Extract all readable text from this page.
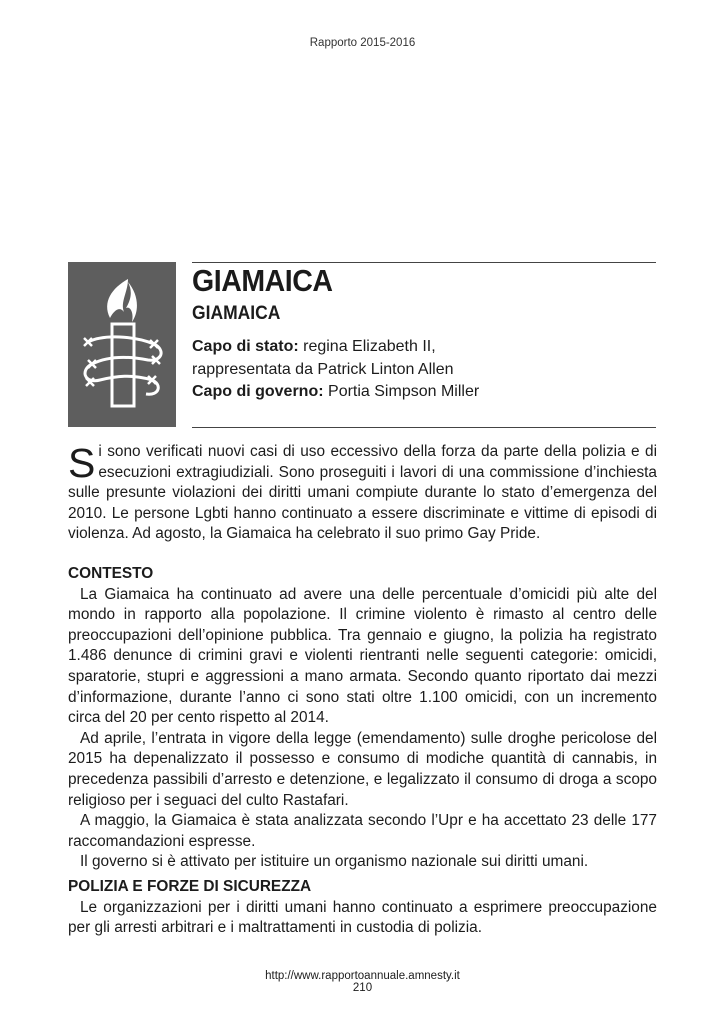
Rapporto 2015-2016
GIAMAICA
GIAMAICA
Capo di stato: regina Elizabeth II,
rappresentata da Patrick Linton Allen
Capo di governo: Portia Simpson Miller
Si sono verificati nuovi casi di uso eccessivo della forza da parte della polizia e di esecuzioni extragiudiziali. Sono proseguiti i lavori di una commissione d’inchiesta sulle presunte violazioni dei diritti umani compiute durante lo stato d’emergenza del 2010. Le persone Lgbti hanno continuato a essere discriminate e vittime di episodi di violenza. Ad agosto, la Giamaica ha celebrato il suo primo Gay Pride.

CONTESTO

La Giamaica ha continuato ad avere una delle percentuale d’omicidi più alte del mondo in rapporto alla popolazione. Il crimine violento è rimasto al centro delle preoccupazioni dell’opinione pubblica. Tra gennaio e giugno, la polizia ha registrato 1.486 denunce di crimini gravi e violenti rientranti nelle seguenti categorie: omicidi, sparatorie, stupri e aggressioni a mano armata. Secondo quanto riportato dai mezzi d’informazione, durante l’anno ci sono stati oltre 1.100 omicidi, con un incremento circa del 20 per cento rispetto al 2014.

Ad aprile, l’entrata in vigore della legge (emendamento) sulle droghe pericolose del 2015 ha depenalizzato il possesso e consumo di modiche quantità di cannabis, in precedenza passibili d’arresto e detenzione, e legalizzato il consumo di droga a scopo religioso per i seguaci del culto Rastafari.

A maggio, la Giamaica è stata analizzata secondo l’Upr e ha accettato 23 delle 177 raccomandazioni espresse.

Il governo si è attivato per istituire un organismo nazionale sui diritti umani.

POLIZIA E FORZE DI SICUREZZA

Le organizzazioni per i diritti umani hanno continuato a esprimere preoccupazione per gli arresti arbitrari e i maltrattamenti in custodia di polizia.

http://www.rapportoannuale.amnesty.it
210
